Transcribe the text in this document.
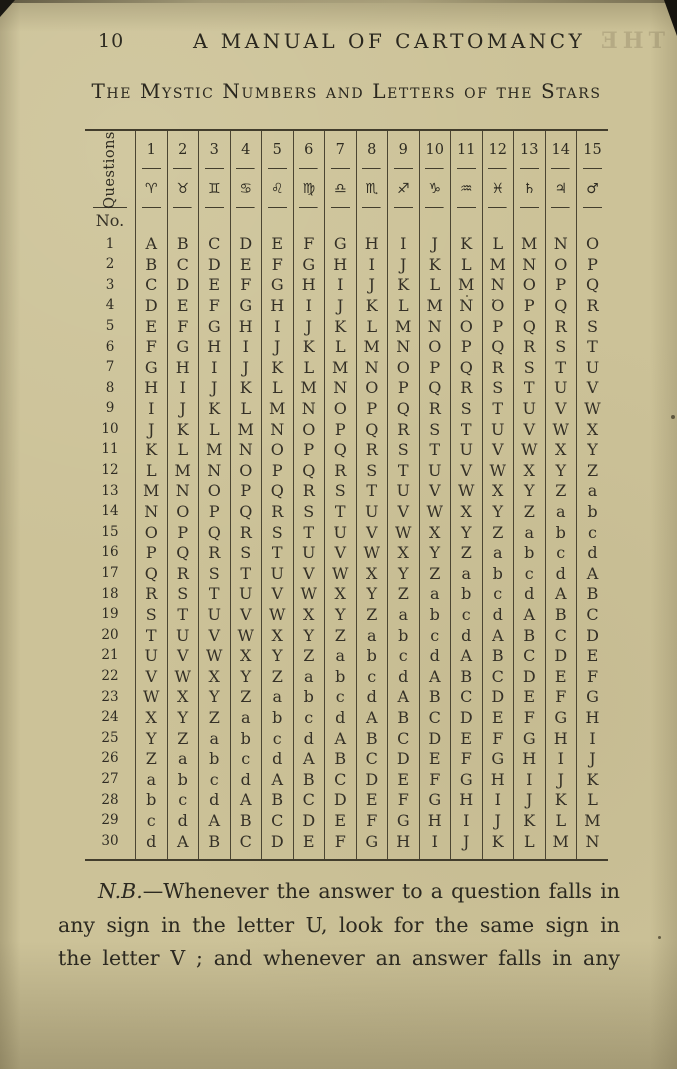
THE
10	A MANUAL OF CARTOMANCY
The Mystic Numbers and Letters of the Stars
Questions	1	2	3	4	5	6	7	8	9	10	11	12	13	14	15
	♈	♉	♊	♋	♌	♍	♎	♏	♐	♑	♒	♓	♄	♃	♂
No.															
1	A	B	C	D	E	F	G	H	I	J	K	L	M	N	O
2	B	C	D	E	F	G	H	I	J	K	L	M	N	O	P
3	C	D	E	F	G	H	I	J	K	L	M	N	O	P	Q
4	D	E	F	G	H	I	J	K	L	M	N	O	P	Q	R
5	E	F	G	H	I	J	K	L	M	N	O	P	Q	R	S
6	F	G	H	I	J	K	L	M	N	O	P	Q	R	S	T
7	G	H	I	J	K	L	M	N	O	P	Q	R	S	T	U
8	H	I	J	K	L	M	N	O	P	Q	R	S	T	U	V
9	I	J	K	L	M	N	O	P	Q	R	S	T	U	V	W
10	J	K	L	M	N	O	P	Q	R	S	T	U	V	W	X
11	K	L	M	N	O	P	Q	R	S	T	U	V	W	X	Y
12	L	M	N	O	P	Q	R	S	T	U	V	W	X	Y	Z
13	M	N	O	P	Q	R	S	T	U	V	W	X	Y	Z	a
14	N	O	P	Q	R	S	T	U	V	W	X	Y	Z	a	b
15	O	P	Q	R	S	T	U	V	W	X	Y	Z	a	b	c
16	P	Q	R	S	T	U	V	W	X	Y	Z	a	b	c	d
17	Q	R	S	T	U	V	W	X	Y	Z	a	b	c	d	A
18	R	S	T	U	V	W	X	Y	Z	a	b	c	d	A	B
19	S	T	U	V	W	X	Y	Z	a	b	c	d	A	B	C
20	T	U	V	W	X	Y	Z	a	b	c	d	A	B	C	D
21	U	V	W	X	Y	Z	a	b	c	d	A	B	C	D	E
22	V	W	X	Y	Z	a	b	c	d	A	B	C	D	E	F
23	W	X	Y	Z	a	b	c	d	A	B	C	D	E	F	G
24	X	Y	Z	a	b	c	d	A	B	C	D	E	F	G	H
25	Y	Z	a	b	c	d	A	B	C	D	E	F	G	H	I
26	Z	a	b	c	d	A	B	C	D	E	F	G	H	I	J
27	a	b	c	d	A	B	C	D	E	F	G	H	I	J	K
28	b	c	d	A	B	C	D	E	F	G	H	I	J	K	L
29	c	d	A	B	C	D	E	F	G	H	I	J	K	L	M
30	d	A	B	C	D	E	F	G	H	I	J	K	L	M	N
N.B.—Whenever the answer to a question falls in
any sign in the letter U, look for the same sign in
the letter V ; and whenever an answer falls in any
